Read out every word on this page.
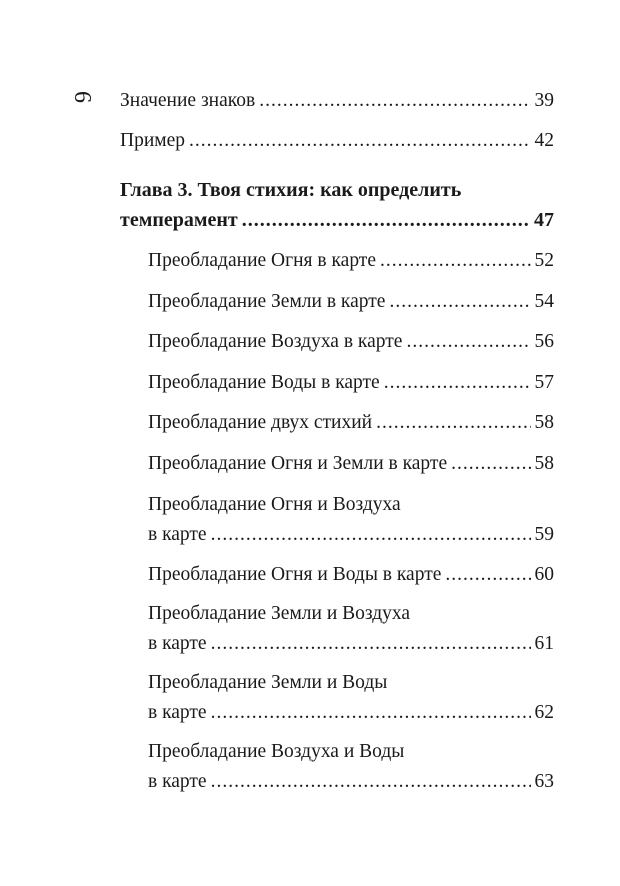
6 Значение знаков .....	39
Пример .....	42
Глава 3. Твоя стихия: как определить
темперамент .....	47
Преобладание Огня в карте .....	52
Преобладание Земли в карте .....	54
Преобладание Воздуха в карте .....	56
Преобладание Воды в карте .....	57
Преобладание двух стихий .....	58
Преобладание Огня и Земли в карте .....	58
Преобладание Огня и Воздуха
в карте .....	59
Преобладание Огня и Воды в карте .....	60
Преобладание Земли и Воздуха
в карте .....	61
Преобладание Земли и Воды
в карте .....	62
Преобладание Воздуха и Воды
в карте .....	63
